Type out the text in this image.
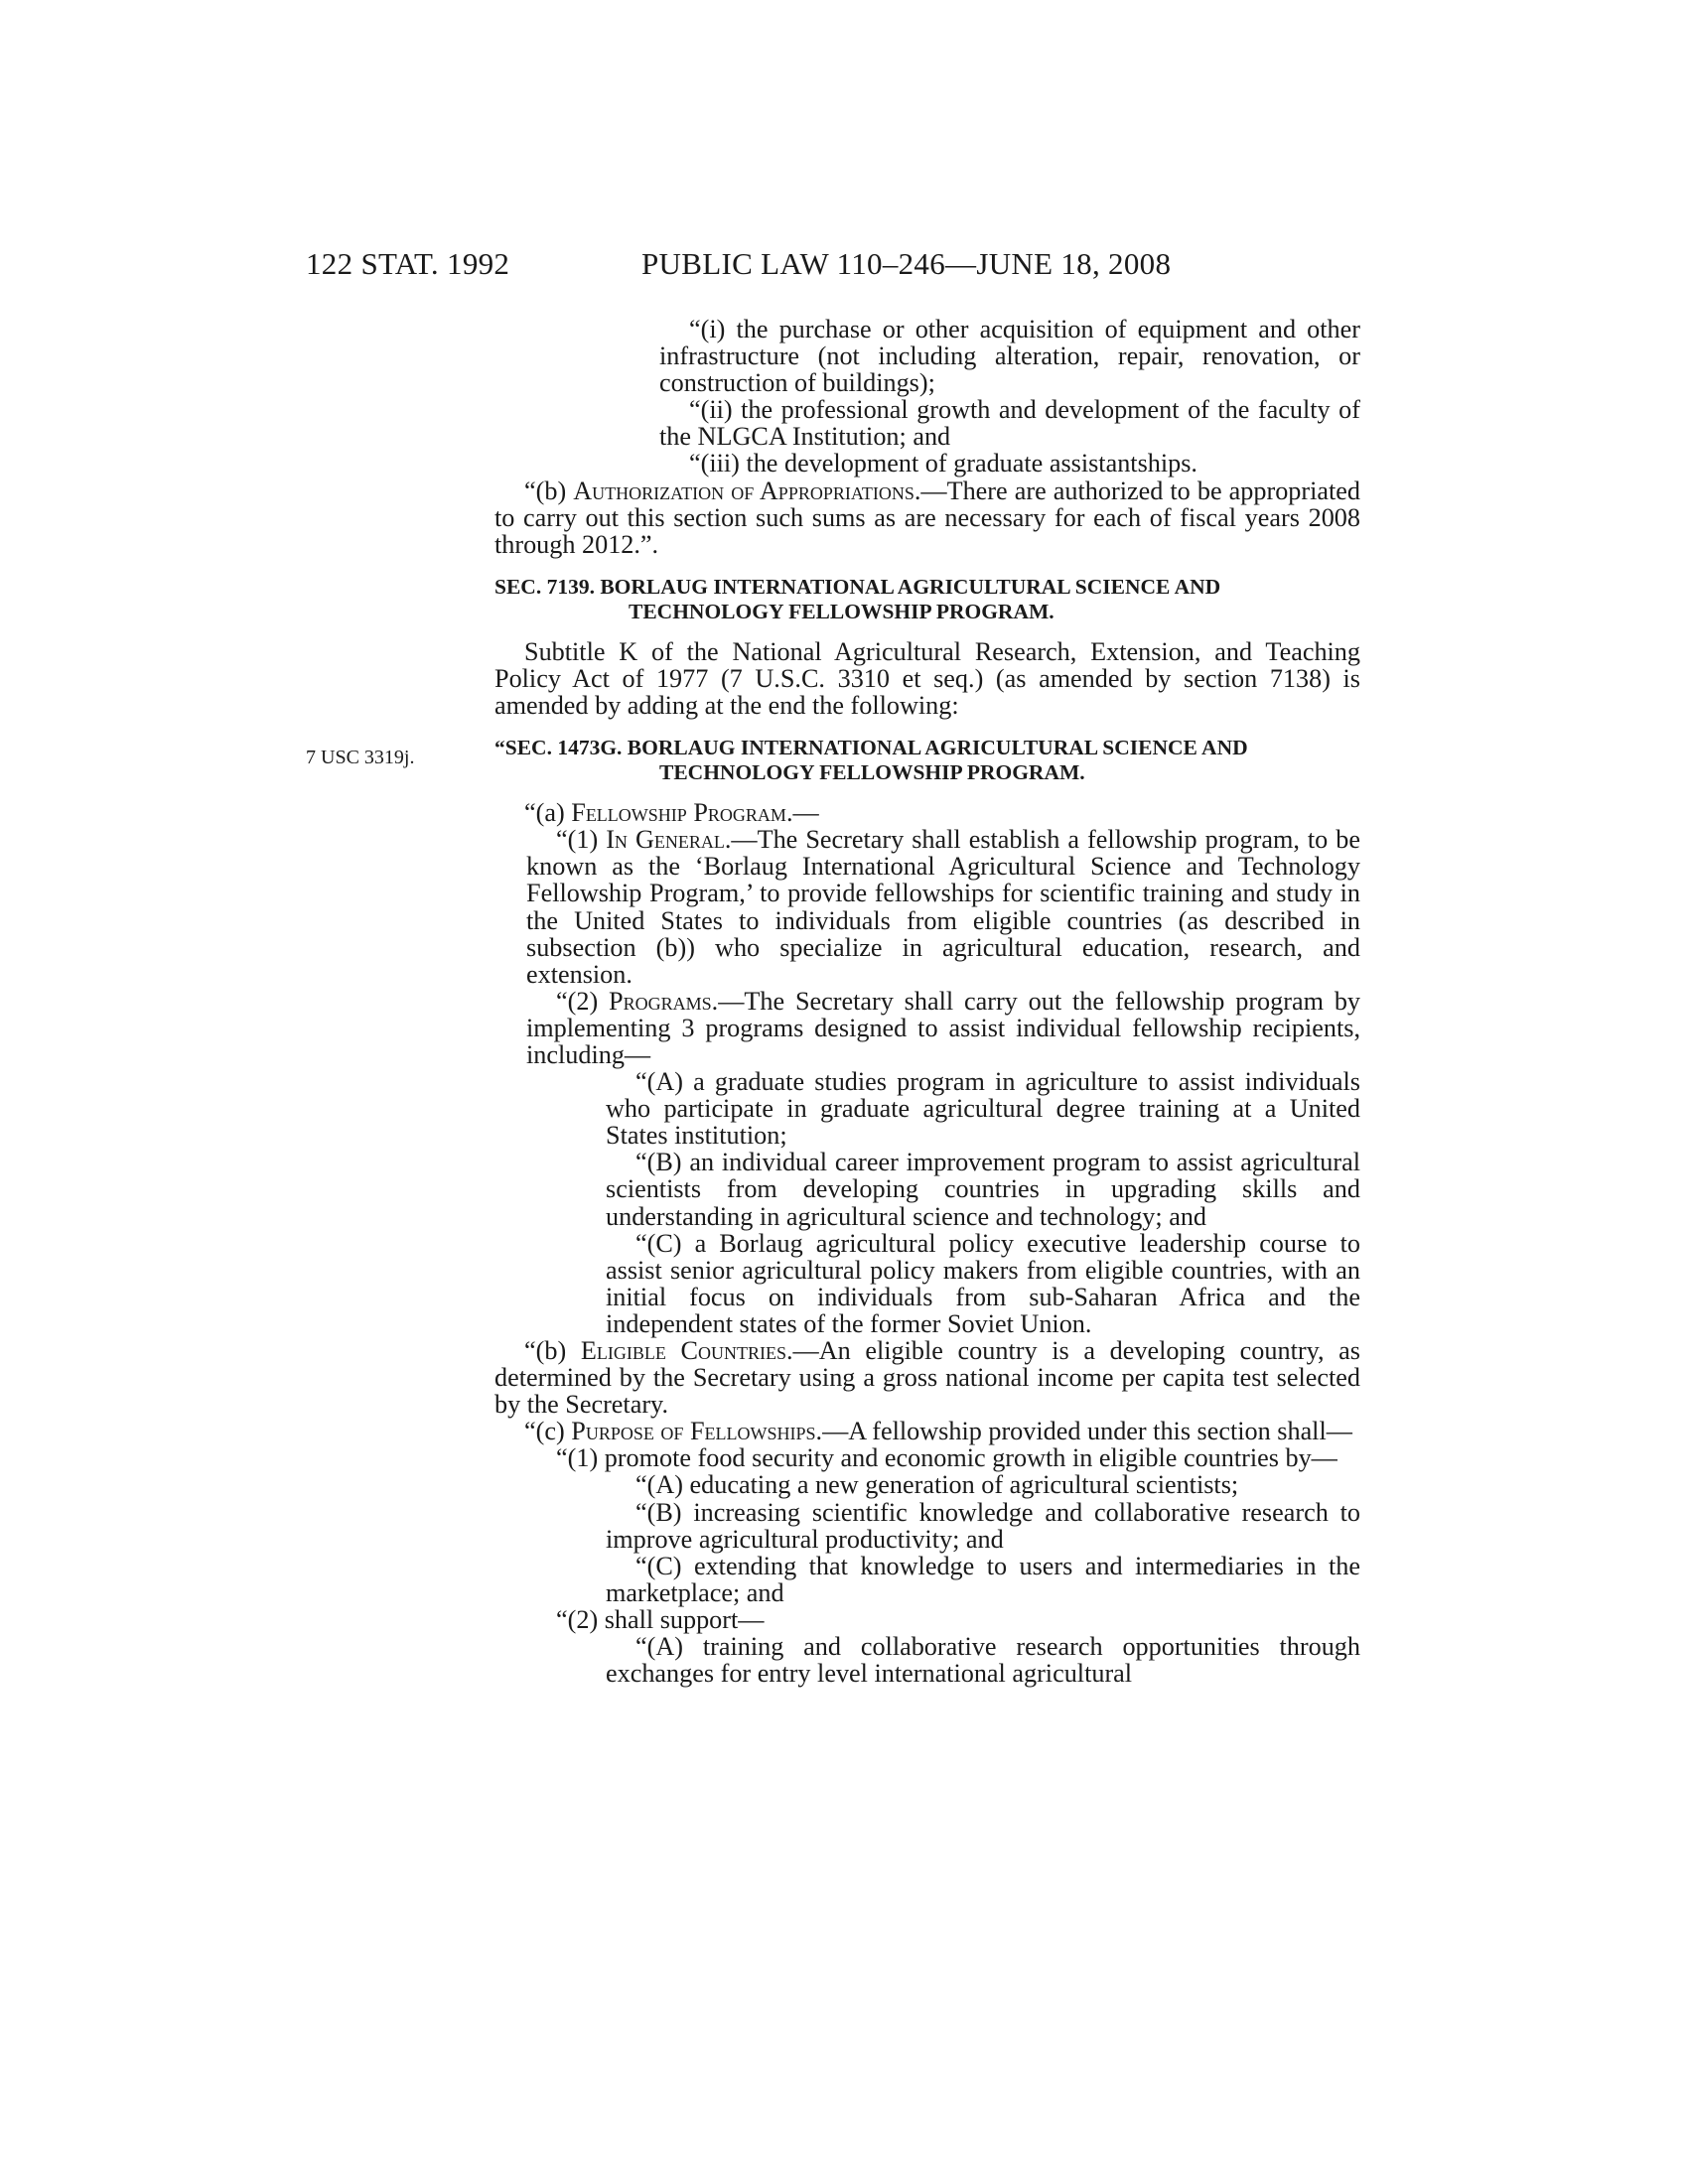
122 STAT. 1992	PUBLIC LAW 110–246—JUNE 18, 2008
7 USC 3319j.

“(i) the purchase or other acquisition of equipment and other infrastructure (not including alteration, repair, renovation, or construction of buildings);

“(ii) the professional growth and development of the faculty of the NLGCA Institution; and

“(iii) the development of graduate assistantships.

“(b) Authorization of Appropriations.—There are authorized to be appropriated to carry out this section such sums as are necessary for each of fiscal years 2008 through 2012.”.

SEC. 7139. BORLAUG INTERNATIONAL AGRICULTURAL SCIENCE AND TECHNOLOGY FELLOWSHIP PROGRAM.

Subtitle K of the National Agricultural Research, Extension, and Teaching Policy Act of 1977 (7 U.S.C. 3310 et seq.) (as amended by section 7138) is amended by adding at the end the following:

“SEC. 1473G. BORLAUG INTERNATIONAL AGRICULTURAL SCIENCE AND TECHNOLOGY FELLOWSHIP PROGRAM.

“(a) Fellowship Program.—

“(1) In General.—The Secretary shall establish a fellowship program, to be known as the ‘Borlaug International Agricultural Science and Technology Fellowship Program,’ to provide fellowships for scientific training and study in the United States to individuals from eligible countries (as described in subsection (b)) who specialize in agricultural education, research, and extension.

“(2) Programs.—The Secretary shall carry out the fellowship program by implementing 3 programs designed to assist individual fellowship recipients, including—

“(A) a graduate studies program in agriculture to assist individuals who participate in graduate agricultural degree training at a United States institution;

“(B) an individual career improvement program to assist agricultural scientists from developing countries in upgrading skills and understanding in agricultural science and technology; and

“(C) a Borlaug agricultural policy executive leadership course to assist senior agricultural policy makers from eligible countries, with an initial focus on individuals from sub-Saharan Africa and the independent states of the former Soviet Union.

“(b) Eligible Countries.—An eligible country is a developing country, as determined by the Secretary using a gross national income per capita test selected by the Secretary.

“(c) Purpose of Fellowships.—A fellowship provided under this section shall—

“(1) promote food security and economic growth in eligible countries by—

“(A) educating a new generation of agricultural scientists;

“(B) increasing scientific knowledge and collaborative research to improve agricultural productivity; and

“(C) extending that knowledge to users and intermediaries in the marketplace; and

“(2) shall support—

“(A) training and collaborative research opportunities through exchanges for entry level international agricultural
